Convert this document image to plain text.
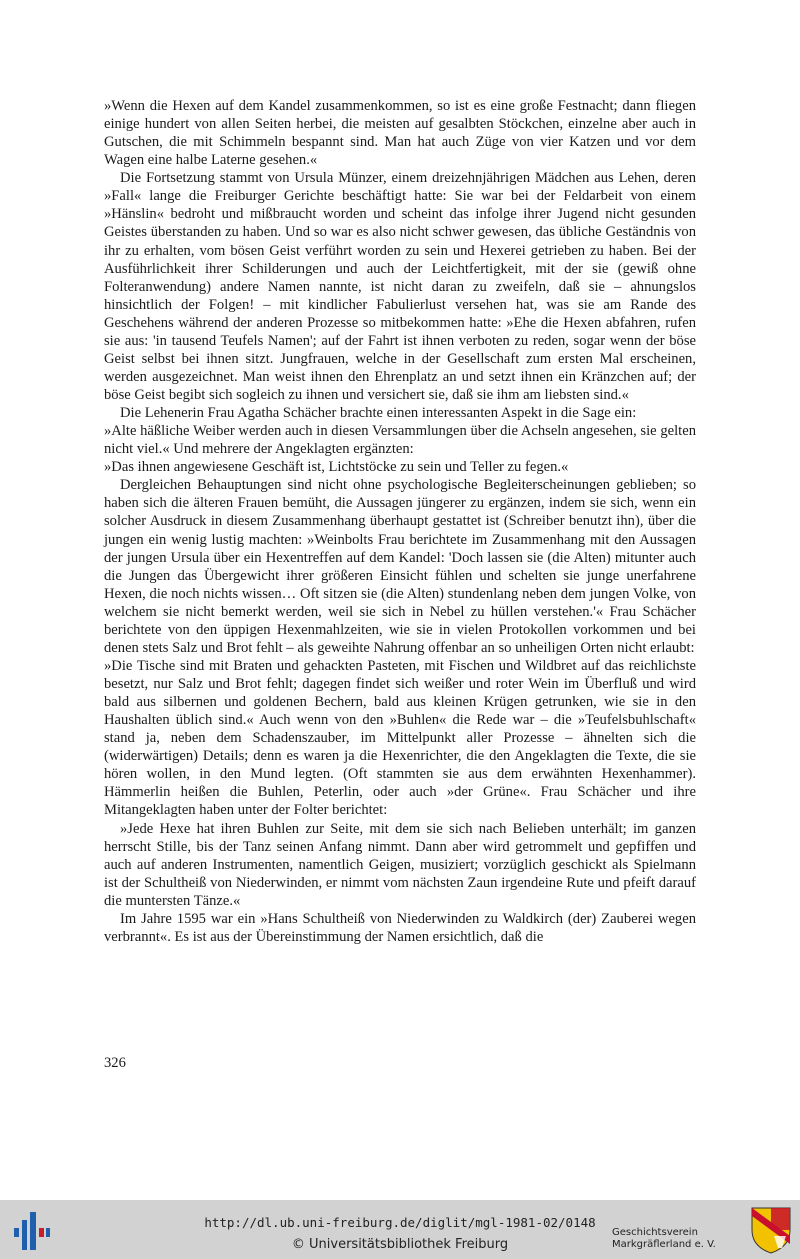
»Wenn die Hexen auf dem Kandel zusammenkommen, so ist es eine große Festnacht; dann fliegen einige hundert von allen Seiten herbei, die meisten auf gesalbten Stöckchen, einzelne aber auch in Gutschen, die mit Schimmeln bespannt sind. Man hat auch Züge von vier Katzen und vor dem Wagen eine halbe Laterne gesehen.«

Die Fortsetzung stammt von Ursula Münzer, einem dreizehnjährigen Mädchen aus Lehen, deren »Fall« lange die Freiburger Gerichte beschäftigt hatte: Sie war bei der Feldarbeit von einem »Hänslin« bedroht und mißbraucht worden und scheint das infolge ihrer Jugend nicht gesunden Geistes überstanden zu haben. Und so war es also nicht schwer gewesen, das übliche Geständnis von ihr zu erhalten, vom bösen Geist verführt worden zu sein und Hexerei getrieben zu haben. Bei der Ausführlichkeit ihrer Schilderungen und auch der Leichtfertigkeit, mit der sie (gewiß ohne Folteranwendung) andere Namen nannte, ist nicht daran zu zweifeln, daß sie – ahnungslos hinsichtlich der Folgen! – mit kindlicher Fabulierlust versehen hat, was sie am Rande des Geschehens während der anderen Prozesse so mitbekommen hatte: »Ehe die Hexen abfahren, rufen sie aus: 'in tausend Teufels Namen'; auf der Fahrt ist ihnen verboten zu reden, sogar wenn der böse Geist selbst bei ihnen sitzt. Jungfrauen, welche in der Gesellschaft zum ersten Mal erscheinen, werden ausgezeichnet. Man weist ihnen den Ehrenplatz an und setzt ihnen ein Kränzchen auf; der böse Geist begibt sich sogleich zu ihnen und versichert sie, daß sie ihm am liebsten sind.«

Die Lehenerin Frau Agatha Schächer brachte einen interessanten Aspekt in die Sage ein:

»Alte häßliche Weiber werden auch in diesen Versammlungen über die Achseln angesehen, sie gelten nicht viel.« Und mehrere der Angeklagten ergänzten:

»Das ihnen angewiesene Geschäft ist, Lichtstöcke zu sein und Teller zu fegen.«

Dergleichen Behauptungen sind nicht ohne psychologische Begleiterscheinungen geblieben; so haben sich die älteren Frauen bemüht, die Aussagen jüngerer zu ergänzen, indem sie sich, wenn ein solcher Ausdruck in diesem Zusammenhang überhaupt gestattet ist (Schreiber benutzt ihn), über die jungen ein wenig lustig machten: »Weinbolts Frau berichtete im Zusammenhang mit den Aussagen der jungen Ursula über ein Hexentreffen auf dem Kandel: 'Doch lassen sie (die Alten) mitunter auch die Jungen das Übergewicht ihrer größeren Einsicht fühlen und schelten sie junge unerfahrene Hexen, die noch nichts wissen… Oft sitzen sie (die Alten) stundenlang neben dem jungen Volke, von welchem sie nicht bemerkt werden, weil sie sich in Nebel zu hüllen verstehen.'« Frau Schächer berichtete von den üppigen Hexenmahlzeiten, wie sie in vielen Protokollen vorkommen und bei denen stets Salz und Brot fehlt – als geweihte Nahrung offenbar an so unheiligen Orten nicht erlaubt:

»Die Tische sind mit Braten und gehackten Pasteten, mit Fischen und Wildbret auf das reichlichste besetzt, nur Salz und Brot fehlt; dagegen findet sich weißer und roter Wein im Überfluß und wird bald aus silbernen und goldenen Bechern, bald aus kleinen Krügen getrunken, wie sie in den Haushalten üblich sind.« Auch wenn von den »Buhlen« die Rede war – die »Teufelsbuhlschaft« stand ja, neben dem Schadenszauber, im Mittelpunkt aller Prozesse – ähnelten sich die (widerwärtigen) Details; denn es waren ja die Hexenrichter, die den Angeklagten die Texte, die sie hören wollen, in den Mund legten. (Oft stammten sie aus dem erwähnten Hexenhammer). Hämmerlin heißen die Buhlen, Peterlin, oder auch »der Grüne«. Frau Schächer und ihre Mitangeklagten haben unter der Folter berichtet:

»Jede Hexe hat ihren Buhlen zur Seite, mit dem sie sich nach Belieben unterhält; im ganzen herrscht Stille, bis der Tanz seinen Anfang nimmt. Dann aber wird getrommelt und gepfiffen und auch auf anderen Instrumenten, namentlich Geigen, musiziert; vorzüglich geschickt als Spielmann ist der Schultheiß von Niederwinden, er nimmt vom nächsten Zaun irgendeine Rute und pfeift darauf die muntersten Tänze.«

Im Jahre 1595 war ein »Hans Schultheiß von Niederwinden zu Waldkirch (der) Zauberei wegen verbrannt«. Es ist aus der Übereinstimmung der Namen ersichtlich, daß die

326
http://dl.ub.uni-freiburg.de/diglit/mgl-1981-02/0148
© Universitätsbibliothek Freiburg
Geschichtsverein
Markgräflerland e. V.
